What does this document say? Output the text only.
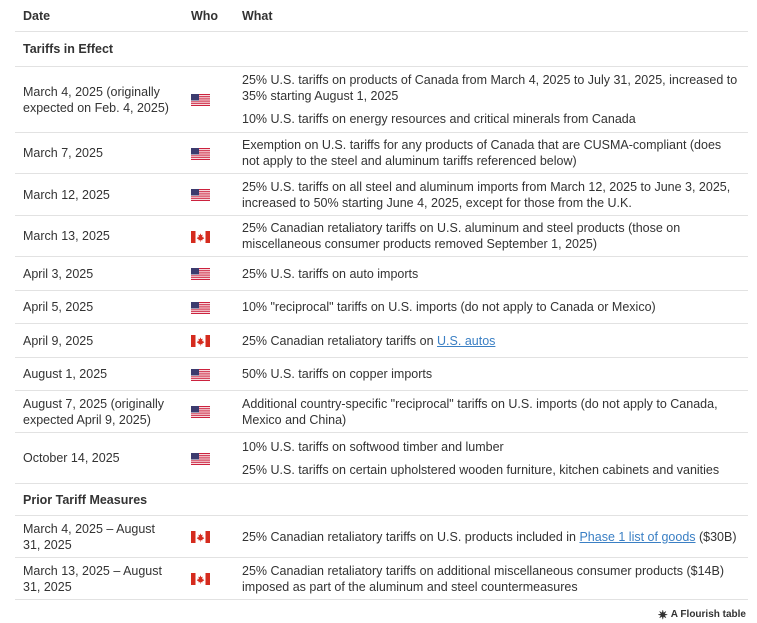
Date	Who	What
Tariffs in Effect		
March 4, 2025 (originally expected on Feb. 4, 2025)		25% U.S. tariffs on products of Canada from March 4, 2025 to July 31, 2025, increased to 35% starting August 1, 2025
10% U.S. tariffs on energy resources and critical minerals from Canada

March 7, 2025		Exemption on U.S. tariffs for any products of Canada that are CUSMA-compliant (does not apply to the steel and aluminum tariffs referenced below)
March 12, 2025		25% U.S. tariffs on all steel and aluminum imports from March 12, 2025 to June 3, 2025, increased to 50% starting June 4, 2025, except for those from the U.K.
March 13, 2025		25% Canadian retaliatory tariffs on U.S. aluminum and steel products (those on miscellaneous consumer products removed September 1, 2025)
April 3, 2025		25% U.S. tariffs on auto imports
April 5, 2025		10% "reciprocal" tariffs on U.S. imports (do not apply to Canada or Mexico)
April 9, 2025		25% Canadian retaliatory tariffs on U.S. autos
August 1, 2025		50% U.S. tariffs on copper imports
August 7, 2025 (originally expected April 9, 2025)		Additional country-specific "reciprocal" tariffs on U.S. imports (do not apply to Canada, Mexico and China)
October 14, 2025		10% U.S. tariffs on softwood timber and lumber
25% U.S. tariffs on certain upholstered wooden furniture, kitchen cabinets and vanities

Prior Tariff Measures		
March 4, 2025 – August 31, 2025		25% Canadian retaliatory tariffs on U.S. products included in Phase 1 list of goods ($30B)
March 13, 2025 – August 31, 2025		25% Canadian retaliatory tariffs on additional miscellaneous consumer products ($14B) imposed as part of the aluminum and steel countermeasures
✷ A Flourish table
